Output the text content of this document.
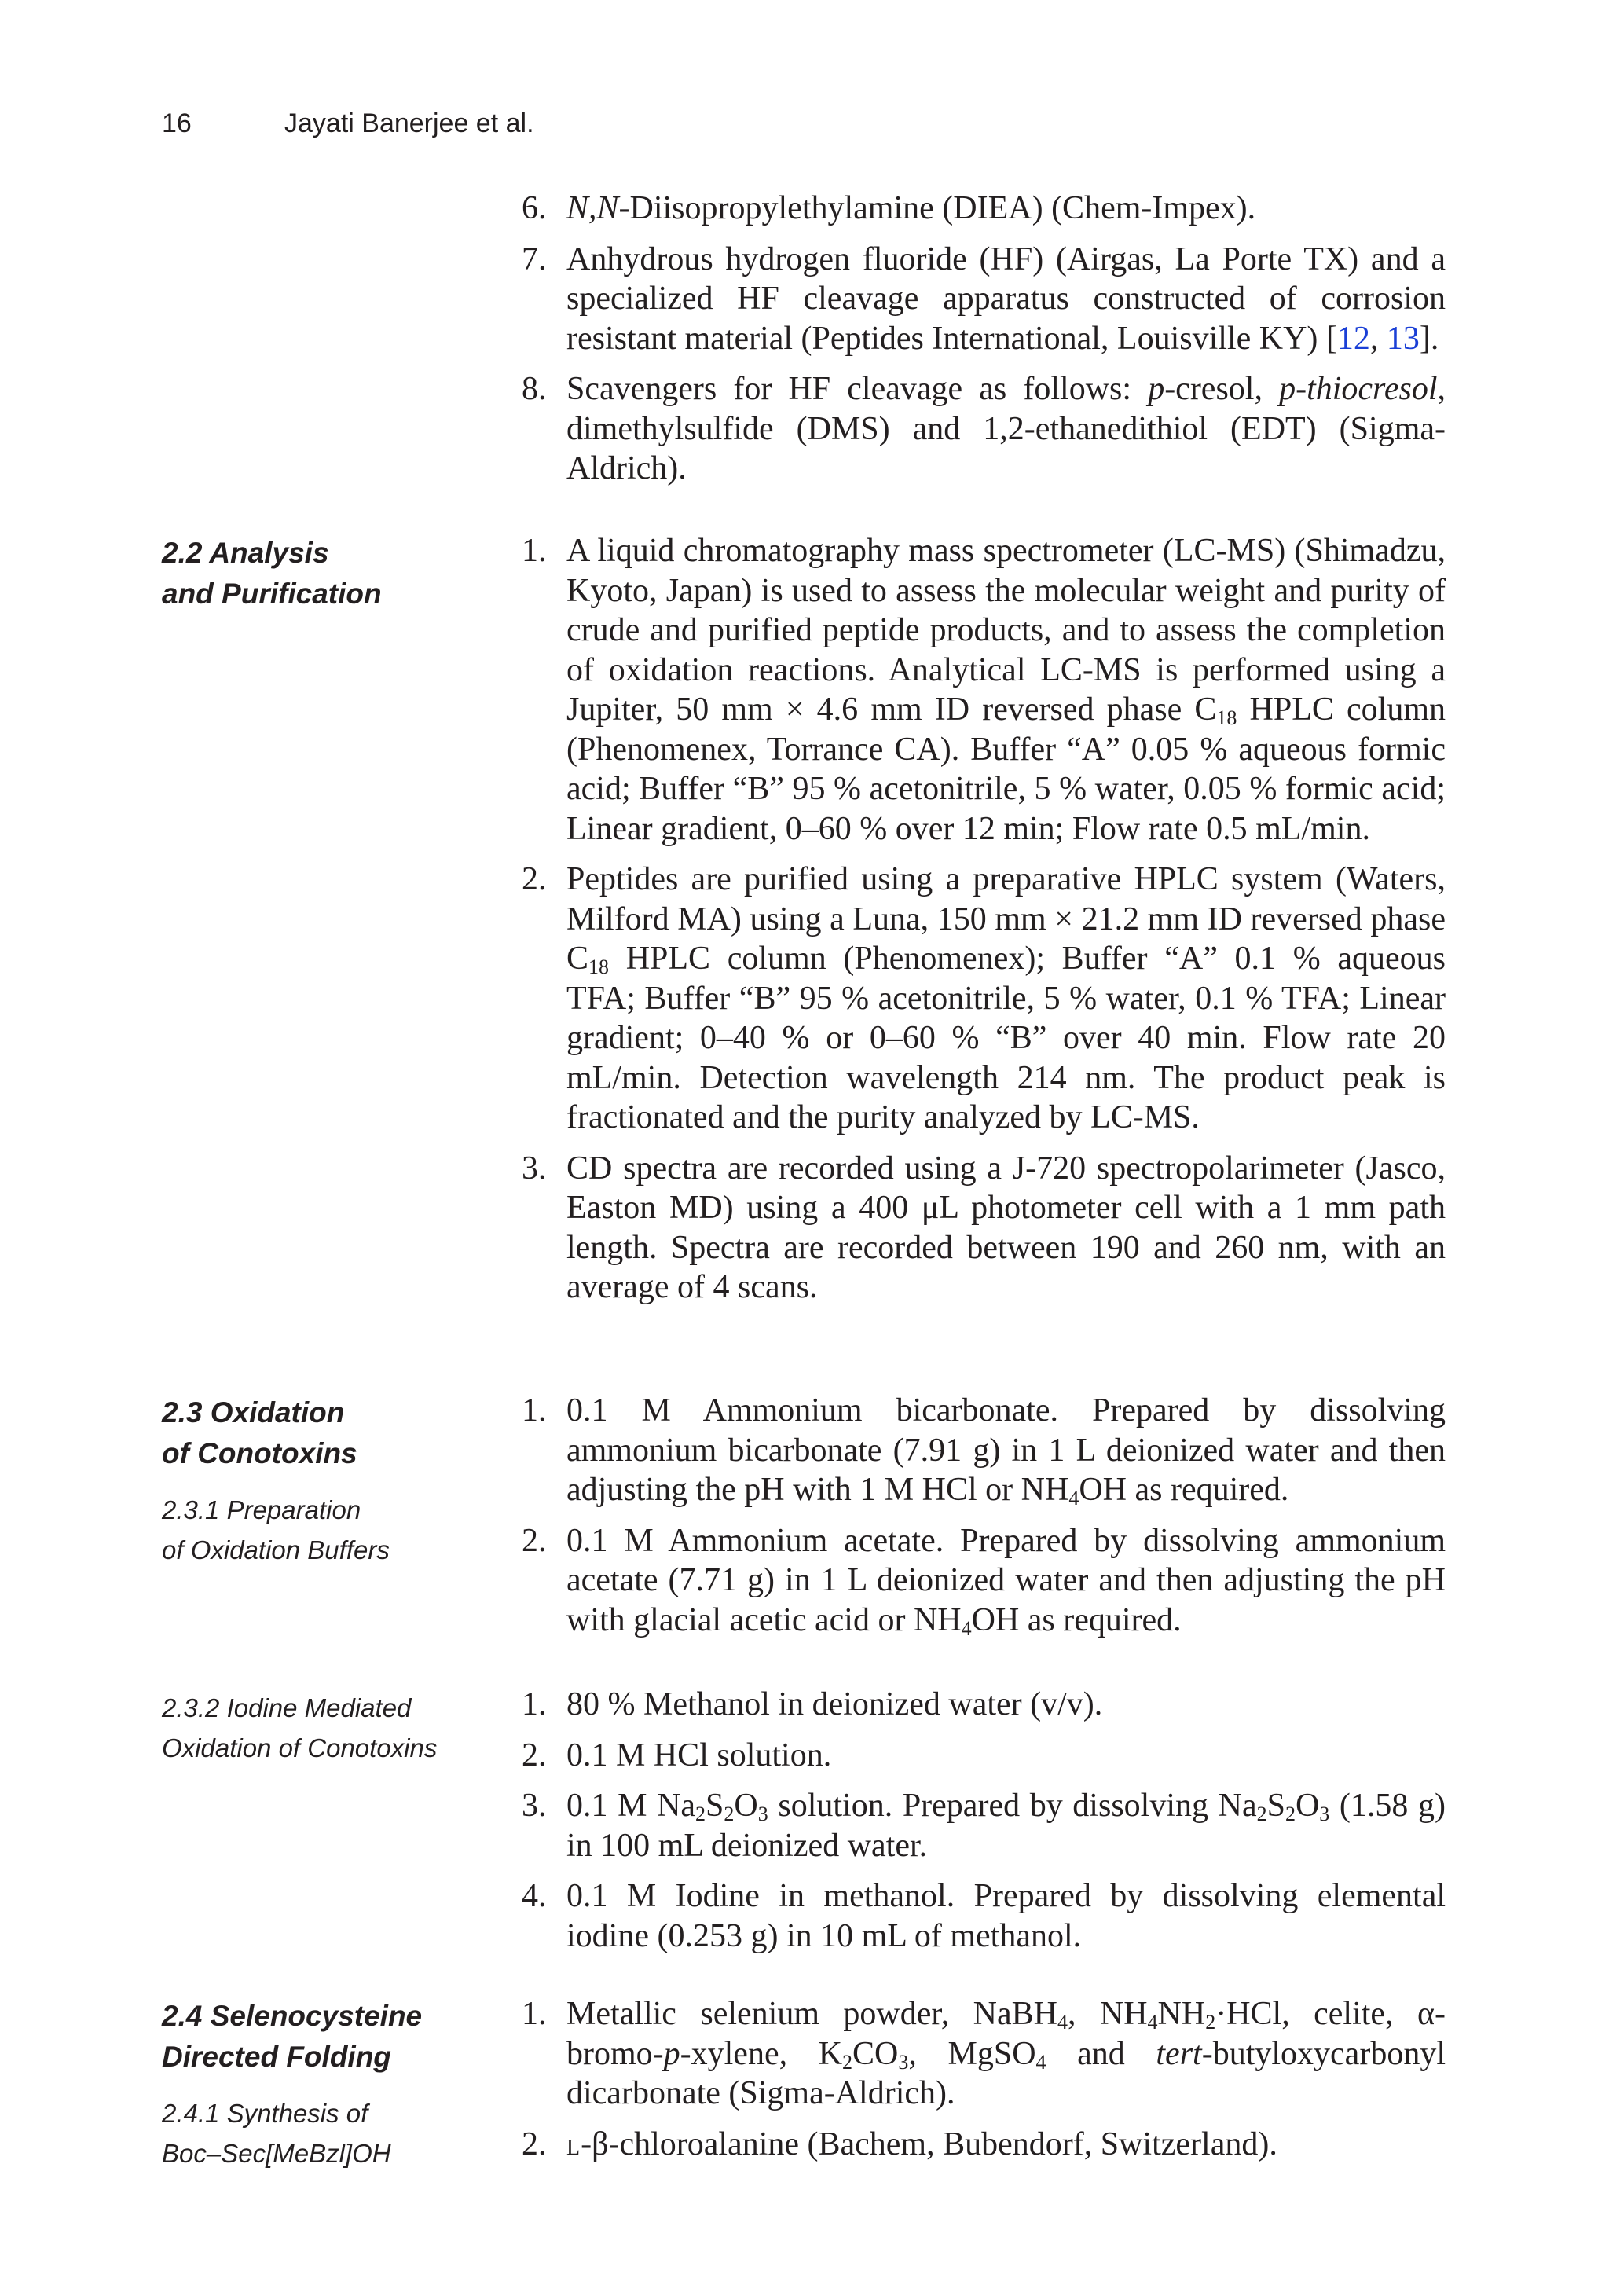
16	Jayati Banerjee et al.
6. N,N-Diisopropylethylamine (DIEA) (Chem-Impex).
7. Anhydrous hydrogen fluoride (HF) (Airgas, La Porte TX) and a specialized HF cleavage apparatus constructed of corrosion resistant material (Peptides International, Louisville KY) [12, 13].
8. Scavengers for HF cleavage as follows: p-cresol, p-thiocresol, dimethylsulfide (DMS) and 1,2-ethanedithiol (EDT) (Sigma-Aldrich).
2.2 Analysis
and Purification
1. A liquid chromatography mass spectrometer (LC-MS) (Shimadzu, Kyoto, Japan) is used to assess the molecular weight and purity of crude and purified peptide products, and to assess the completion of oxidation reactions. Analytical LC-MS is performed using a Jupiter, 50 mm × 4.6 mm ID reversed phase $C_{18}$ HPLC column (Phenomenex, Torrance CA). Buffer “A” 0.05 % aqueous formic acid; Buffer “B” 95 % acetonitrile, 5 % water, 0.05 % formic acid; Linear gradient, 0–60 % over 12 min; Flow rate 0.5 mL/min.
2. Peptides are purified using a preparative HPLC system (Waters, Milford MA) using a Luna, 150 mm × 21.2 mm ID reversed phase $C_{18}$ HPLC column (Phenomenex); Buffer “A” 0.1 % aqueous TFA; Buffer “B” 95 % acetonitrile, 5 % water, 0.1 % TFA; Linear gradient; 0–40 % or 0–60 % “B” over 40 min. Flow rate 20 mL/min. Detection wavelength 214 nm. The product peak is fractionated and the purity analyzed by LC-MS.
3. CD spectra are recorded using a J-720 spectropolarimeter (Jasco, Easton MD) using a 400 μL photometer cell with a 1 mm path length. Spectra are recorded between 190 and 260 nm, with an average of 4 scans.
2.3 Oxidation
of Conotoxins
2.3.1 Preparation
of Oxidation Buffers
1. 0.1 M Ammonium bicarbonate. Prepared by dissolving ammonium bicarbonate (7.91 g) in 1 L deionized water and then adjusting the pH with 1 M HCl or $NH_4OH$ as required.
2. 0.1 M Ammonium acetate. Prepared by dissolving ammonium acetate (7.71 g) in 1 L deionized water and then adjusting the pH with glacial acetic acid or $NH_4OH$ as required.
2.3.2 Iodine Mediated
Oxidation of Conotoxins
1. 80 % Methanol in deionized water (v/v).
2. 0.1 M HCl solution.
3. 0.1 M $Na_2S_2O_3$ solution. Prepared by dissolving $Na_2S_2O_3$ (1.58 g) in 100 mL deionized water.
4. 0.1 M Iodine in methanol. Prepared by dissolving elemental iodine (0.253 g) in 10 mL of methanol.
2.4 Selenocysteine
Directed Folding
2.4.1 Synthesis of
Boc–Sec[MeBzl]OH
1. Metallic selenium powder, NaBH$_4$, $NH_4NH_2\cdot HCl$, celite, α-bromo-p-xylene, $K_2CO_3$, MgSO$_4$ and tert-butyloxycarbonyl dicarbonate (Sigma-Aldrich).
2. L-β-chloroalanine (Bachem, Bubendorf, Switzerland).
